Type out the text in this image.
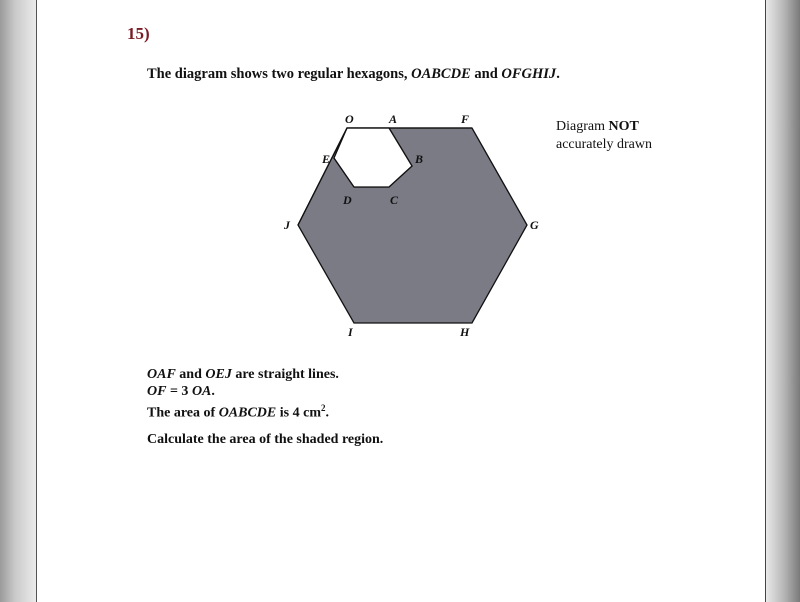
15)
The diagram shows two regular hexagons, OABCDE and OFGHIJ.
Diagram NOT
accurately drawn
O	A	F
B
E
D	C
J	G
I	H
OAF and OEJ are straight lines.
OF = 3 OA.
The area of OABCDE is 4 $cm^2$.
Calculate the area of the shaded region.
